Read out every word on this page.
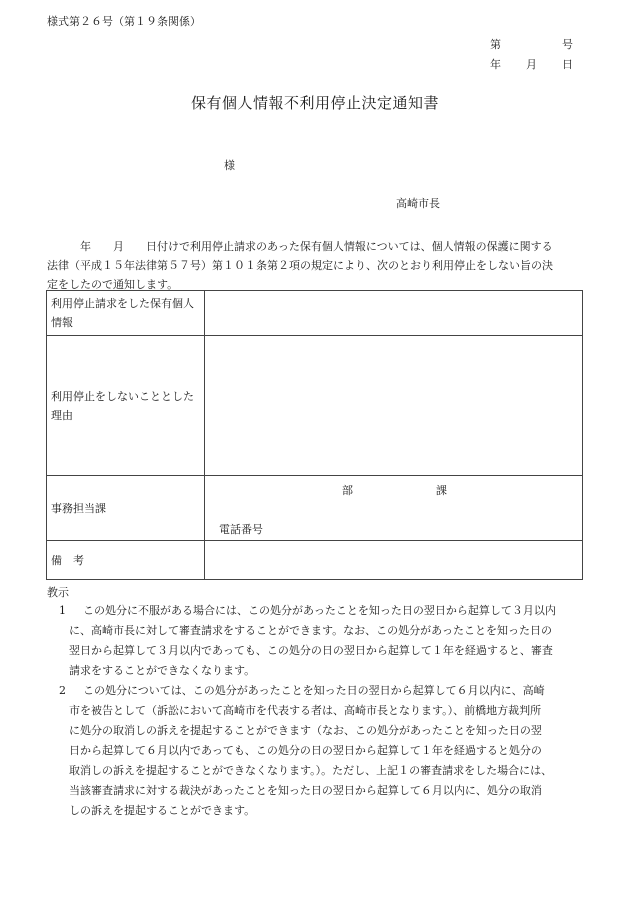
様式第２６号（第１９条関係）
第	号
年 月 日
保有個人情報不利用停止決定通知書
様
高崎市長

年　　月　　日付けで利用停止請求のあった保有個人情報については、個人情報の保護に関する

法律（平成１５年法律第５７号）第１０１条第２項の規定により、次のとおり利用停止をしない旨の決

定をしたので通知します。

利用停止請求をした保有個人
情報	

利用停止をしないこととした
理由	

事務担当課	部 課
電話番号

備　考	
教示
1	この処分に不服がある場合には、この処分があったことを知った日の翌日から起算して３月以内
に、高崎市長に対して審査請求をすることができます。なお、この処分があったことを知った日の
翌日から起算して３月以内であっても、この処分の日の翌日から起算して１年を経過すると、審査
請求をすることができなくなります。
2	この処分については、この処分があったことを知った日の翌日から起算して６月以内に、高崎
市を被告として（訴訟において高崎市を代表する者は、高崎市長となります。）、前橋地方裁判所
に処分の取消しの訴えを提起することができます（なお、この処分があったことを知った日の翌
日から起算して６月以内であっても、この処分の日の翌日から起算して１年を経過すると処分の
取消しの訴えを提起することができなくなります。）。ただし、上記１の審査請求をした場合には、
当該審査請求に対する裁決があったことを知った日の翌日から起算して６月以内に、処分の取消
しの訴えを提起することができます。
